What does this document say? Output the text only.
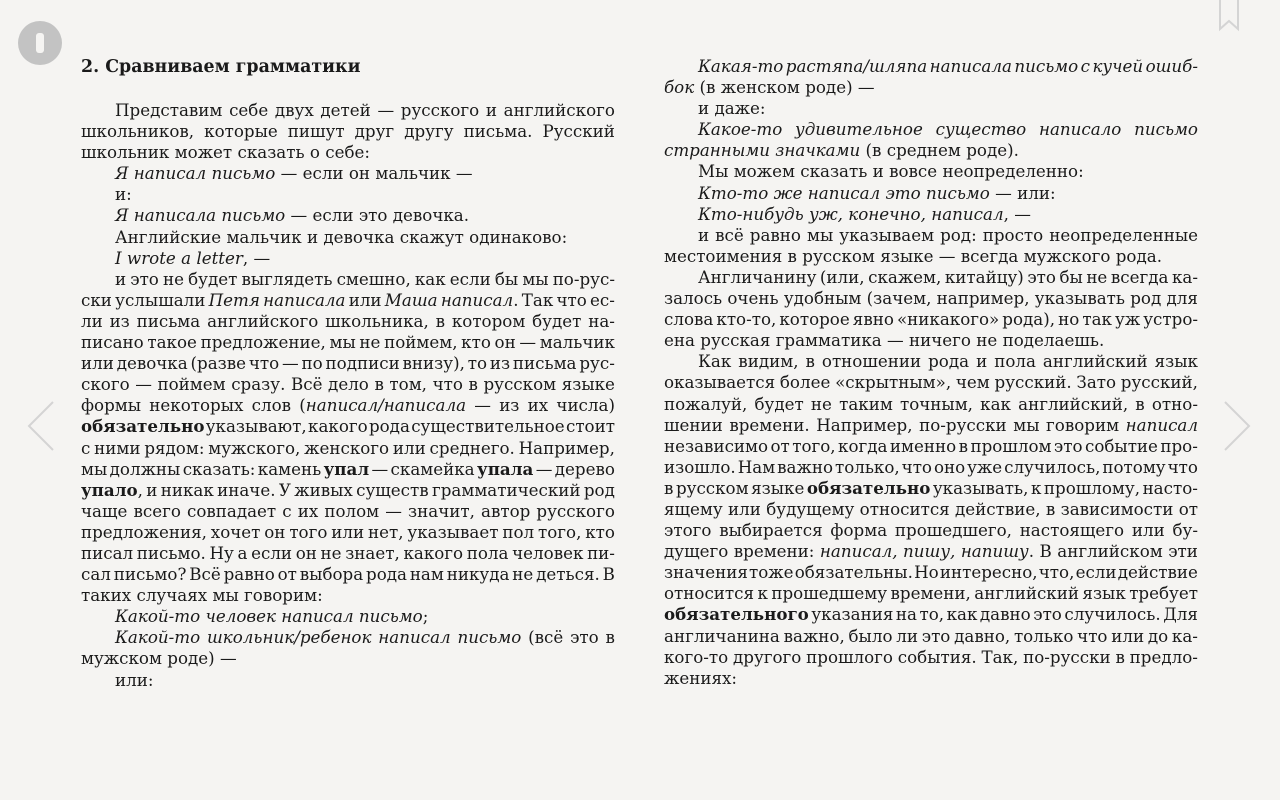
2. Сравниваем грамматики
Представим себе двух детей — русского и английского
школьников, которые пишут друг другу письма. Русский
школьник может сказать о себе:
Я написал письмо — если он мальчик —
и:
Я написала письмо — если это девочка.
Английские мальчик и девочка скажут одинаково:
I wrote a letter, —
и это не будет выглядеть смешно, как если бы мы по-рус-
ски услышали Петя написала или Маша написал. Так что ес-
ли из письма английского школьника, в котором будет на-
писано такое предложение, мы не поймем, кто он — мальчик
или девочка (разве что — по подписи внизу), то из письма рус-
ского — поймем сразу. Всё дело в том, что в русском языке
формы некоторых слов (написал/написала — из их числа)
обязательно указывают, какого рода существительное стоит
с ними рядом: мужского, женского или среднего. Например,
мы должны сказать: камень упал — скамейка упала — дерево
упало, и никак иначе. У живых существ грамматический род
чаще всего совпадает с их полом — значит, автор русского
предложения, хочет он того или нет, указывает пол того, кто
писал письмо. Ну а если он не знает, какого пола человек пи-
сал письмо? Всё равно от выбора рода нам никуда не деться. В
таких случаях мы говорим:
Какой-то человек написал письмо;
Какой-то школьник/ребенок написал письмо (всё это в
мужском роде) —
или:
Какая-то растяпа/шляпа написала письмо с кучей ошиб-
бок (в женском роде) —
и даже:
Какое-то удивительное существо написало письмо
странными значками (в среднем роде).
Мы можем сказать и вовсе неопределенно:
Кто-то же написал это письмо — или:
Кто-нибудь уж, конечно, написал, —
и всё равно мы указываем род: просто неопределенные
местоимения в русском языке — всегда мужского рода.
Англичанину (или, скажем, китайцу) это бы не всегда ка-
залось очень удобным (зачем, например, указывать род для
слова кто-то, которое явно «никакого» рода), но так уж устро-
ена русская грамматика — ничего не поделаешь.
Как видим, в отношении рода и пола английский язык
оказывается более «скрытным», чем русский. Зато русский,
пожалуй, будет не таким точным, как английский, в отно-
шении времени. Например, по-русски мы говорим написал
независимо от того, когда именно в прошлом это событие про-
изошло. Нам важно только, что оно уже случилось, потому что
в русском языке обязательно указывать, к прошлому, насто-
ящему или будущему относится действие, в зависимости от
этого выбирается форма прошедшего, настоящего или бу-
дущего времени: написал, пишу, напишу. В английском эти
значения тоже обязательны. Но интересно, что, если действие
относится к прошедшему времени, английский язык требует
обязательного указания на то, как давно это случилось. Для
англичанина важно, было ли это давно, только что или до ка-
кого-то другого прошлого события. Так, по-русски в предло-
жениях:
